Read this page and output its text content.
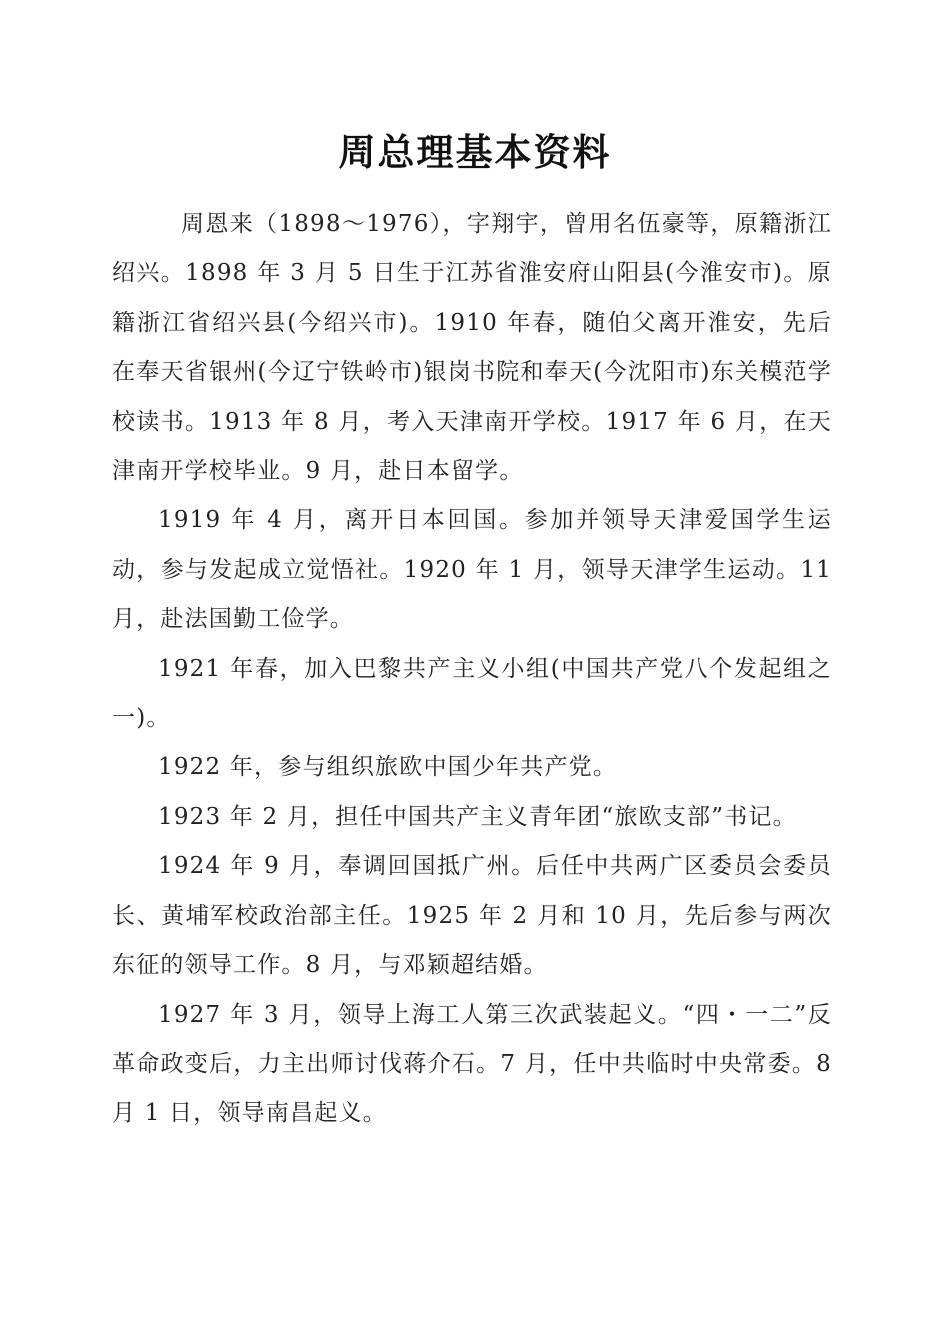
周总理基本资料

周恩来（1898～1976），字翔宇，曾用名伍豪等，原籍浙江绍兴。1898 年 3 月 5 日生于江苏省淮安府山阳县(今淮安市)。原籍浙江省绍兴县(今绍兴市)。1910 年春，随伯父离开淮安，先后在奉天省银州(今辽宁铁岭市)银岗书院和奉天(今沈阳市)东关模范学校读书。1913 年 8 月，考入天津南开学校。1917 年 6 月，在天津南开学校毕业。9 月，赴日本留学。

1919 年 4 月，离开日本回国。参加并领导天津爱国学生运动，参与发起成立觉悟社。1920 年 1 月，领导天津学生运动。11 月，赴法国勤工俭学。

1921 年春，加入巴黎共产主义小组(中国共产党八个发起组之一)。

1922 年，参与组织旅欧中国少年共产党。

1923 年 2 月，担任中国共产主义青年团“旅欧支部”书记。

1924 年 9 月，奉调回国抵广州。后任中共两广区委员会委员长、黄埔军校政治部主任。1925 年 2 月和 10 月，先后参与两次东征的领导工作。8 月，与邓颖超结婚。

1927 年 3 月，领导上海工人第三次武装起义。“四・一二”反革命政变后，力主出师讨伐蒋介石。7 月，任中共临时中央常委。8 月 1 日，领导南昌起义。
